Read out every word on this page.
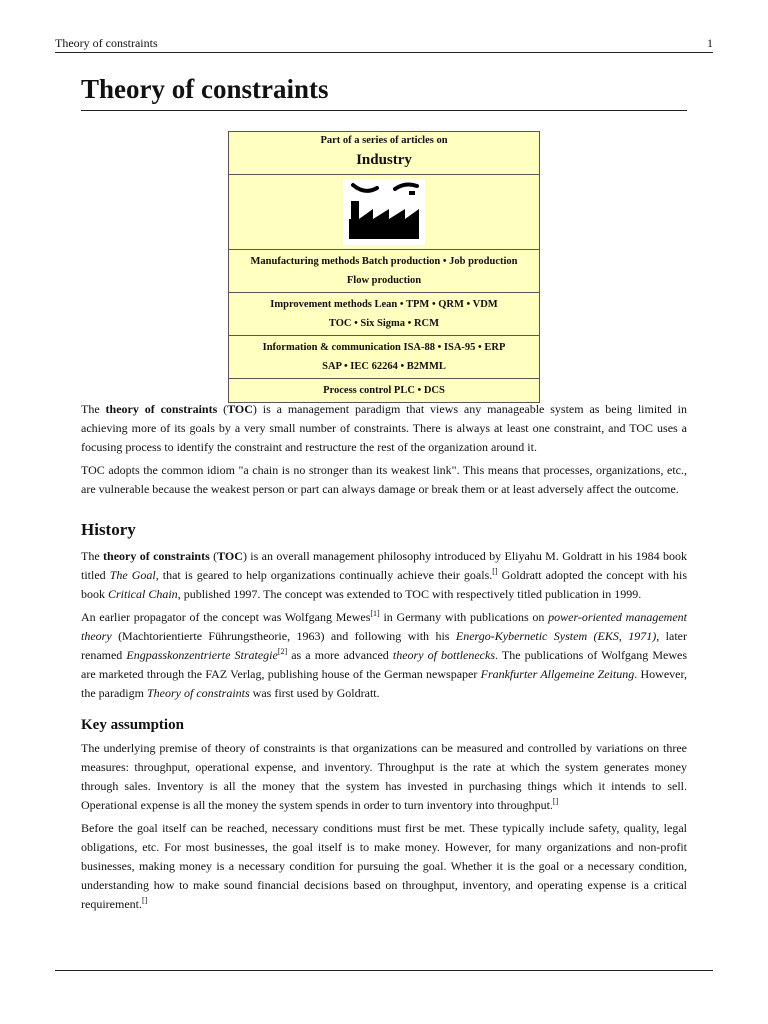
Theory of constraints	1
Theory of constraints
Part of a series of articles on
Industry
Manufacturing methods Batch production • Job production
Flow production
Improvement methods Lean • TPM • QRM • VDM
TOC • Six Sigma • RCM
Information & communication ISA-88 • ISA-95 • ERP
SAP • IEC 62264 • B2MML
Process control PLC • DCS

The theory of constraints (TOC) is a management paradigm that views any manageable system as being limited in achieving more of its goals by a very small number of constraints. There is always at least one constraint, and TOC uses a focusing process to identify the constraint and restructure the rest of the organization around it.

TOC adopts the common idiom "a chain is no stronger than its weakest link". This means that processes, organizations, etc., are vulnerable because the weakest person or part can always damage or break them or at least adversely affect the outcome.

History

The theory of constraints (TOC) is an overall management philosophy introduced by Eliyahu M. Goldratt in his 1984 book titled The Goal, that is geared to help organizations continually achieve their goals.[] Goldratt adopted the concept with his book Critical Chain, published 1997. The concept was extended to TOC with respectively titled publication in 1999.

An earlier propagator of the concept was Wolfgang Mewes[1] in Germany with publications on power-oriented management theory (Machtorientierte Führungstheorie, 1963) and following with his Energo-Kybernetic System (EKS, 1971), later renamed Engpasskonzentrierte Strategie[2] as a more advanced theory of bottlenecks. The publications of Wolfgang Mewes are marketed through the FAZ Verlag, publishing house of the German newspaper Frankfurter Allgemeine Zeitung. However, the paradigm Theory of constraints was first used by Goldratt.

Key assumption

The underlying premise of theory of constraints is that organizations can be measured and controlled by variations on three measures: throughput, operational expense, and inventory. Throughput is the rate at which the system generates money through sales. Inventory is all the money that the system has invested in purchasing things which it intends to sell. Operational expense is all the money the system spends in order to turn inventory into throughput.[]

Before the goal itself can be reached, necessary conditions must first be met. These typically include safety, quality, legal obligations, etc. For most businesses, the goal itself is to make money. However, for many organizations and non-profit businesses, making money is a necessary condition for pursuing the goal. Whether it is the goal or a necessary condition, understanding how to make sound financial decisions based on throughput, inventory, and operating expense is a critical requirement.[]
